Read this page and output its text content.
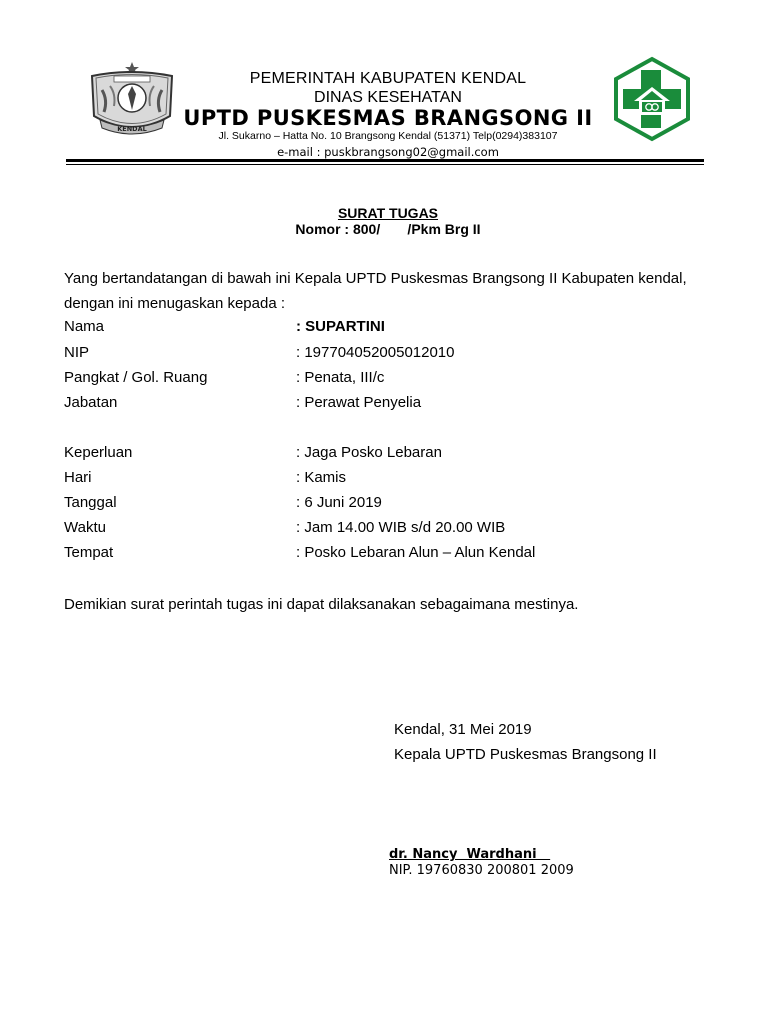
KENDAL
PEMERINTAH KABUPATEN KENDAL
DINAS KESEHATAN
UPTD PUSKESMAS BRANGSONG II
Jl. Sukarno – Hatta No. 10 Brangsong Kendal (51371) Telp(0294)383107
e-mail : puskbrangsong02@gmail.com
SURAT TUGAS
Nomor : 800/       /Pkm Brg II
Yang bertandatangan di bawah ini Kepala UPTD Puskesmas Brangsong II Kabupaten kendal,
dengan ini menugaskan kepada :
Nama	: SUPARTINI
NIP	: 197704052005012010
Pangkat / Gol. Ruang	: Penata, III/c
Jabatan	: Perawat Penyelia
Keperluan	: Jaga Posko Lebaran
Hari	: Kamis
Tanggal	: 6 Juni 2019
Waktu	: Jam 14.00 WIB s/d 20.00 WIB
Tempat	: Posko Lebaran Alun – Alun Kendal
Demikian surat perintah tugas ini dapat dilaksanakan sebagaimana mestinya.
Kendal, 31 Mei 2019
Kepala UPTD Puskesmas Brangsong II
dr. Nancy  Wardhani
NIP. 19760830 200801 2009
